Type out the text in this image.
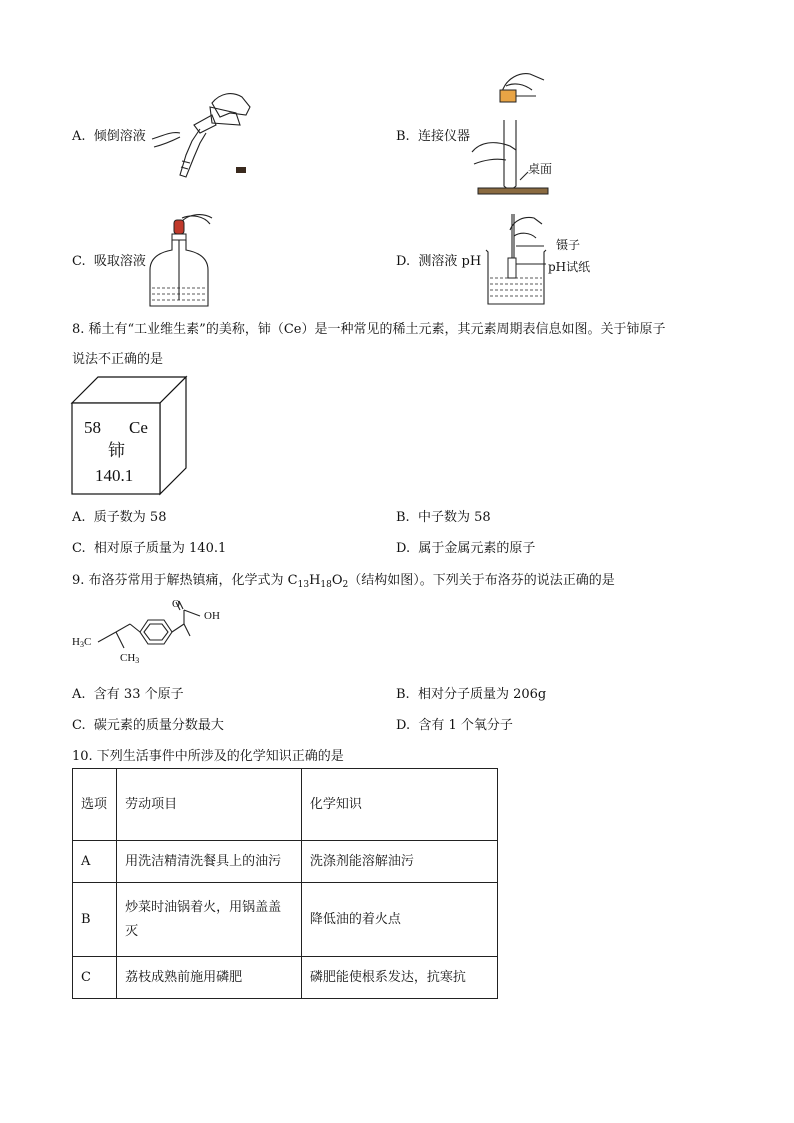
A. 倾倒溶液	B. 连接仪器
桌面
C. 吸取溶液	D. 测溶液 pH
镊子
pH试纸
8. 稀土有“工业维生素”的美称，铈（Ce）是一种常见的稀土元素，其元素周期表信息如图。关于铈原子
说法不正确的是
58 Ce
铈
140.1
A. 质子数为 58	B. 中子数为 58
C. 相对原子质量为 140.1	D. 属于金属元素的原子
9. 布洛芬常用于解热镇痛，化学式为 $C_{13}H_{18}O_2$（结构如图）。下列关于布洛芬的说法正确的是
O
OH
H3C
CH3
A. 含有 33 个原子	B. 相对分子质量为 206g
C. 碳元素的质量分数最大	D. 含有 1 个氧分子
10. 下列生活事件中所涉及的化学知识正确的是
选项	劳动项目	化学知识
A	用洗洁精清洗餐具上的油污	洗涤剂能溶解油污
B	炒菜时油锅着火，用锅盖盖灭	降低油的着火点
C	荔枝成熟前施用磷肥	磷肥能使根系发达，抗寒抗
